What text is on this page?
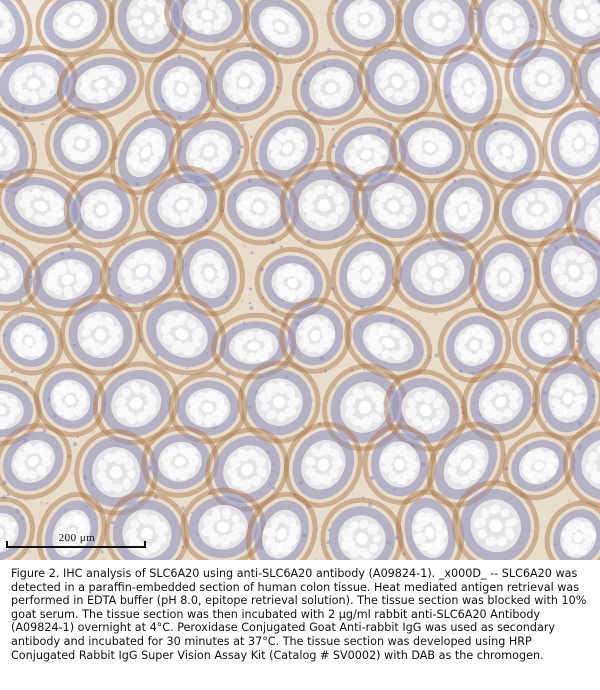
200 μm
Figure 2. IHC analysis of SLC6A20 using anti-SLC6A20 antibody (A09824-1). _x000D_ -- SLC6A20 was detected in a paraffin-embedded section of human colon tissue. Heat mediated antigen retrieval was performed in EDTA buffer (pH 8.0, epitope retrieval solution). The tissue section was blocked with 10% goat serum. The tissue section was then incubated with 2 μg/ml rabbit anti-SLC6A20 Antibody (A09824-1) overnight at 4°C. Peroxidase Conjugated Goat Anti-rabbit IgG was used as secondary antibody and incubated for 30 minutes at 37°C. The tissue section was developed using HRP Conjugated Rabbit IgG Super Vision Assay Kit (Catalog # SV0002) with DAB as the chromogen.
